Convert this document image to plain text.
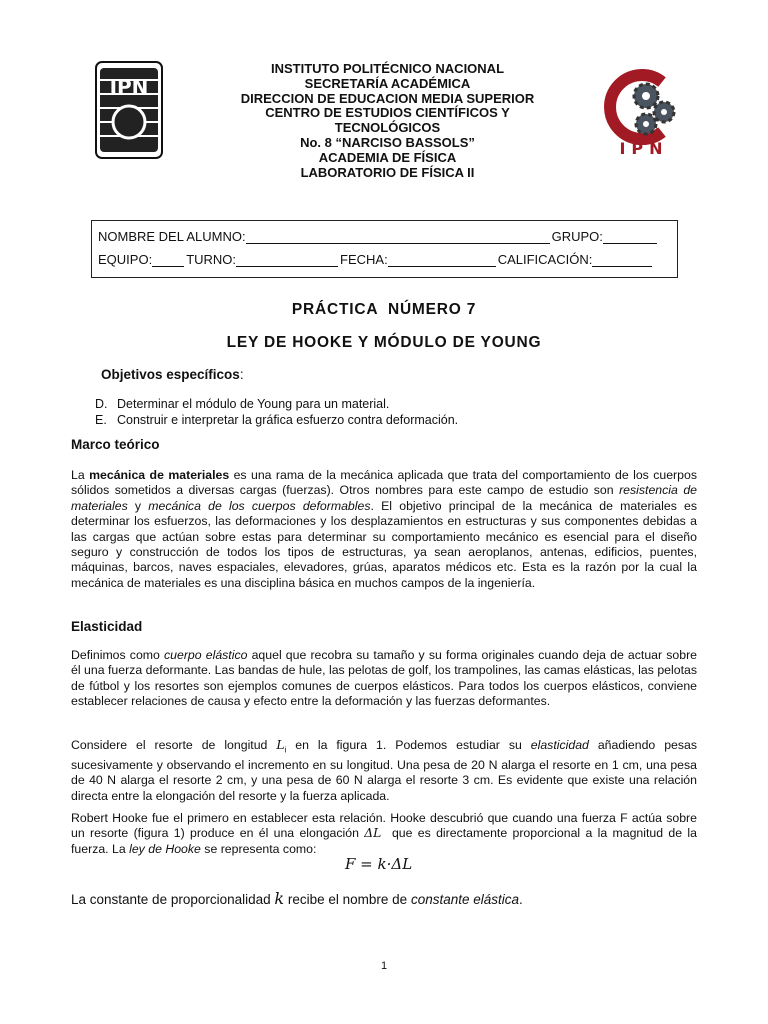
IPN
INSTITUTO POLITÉCNICO NACIONAL
SECRETARÍA ACADÉMICA
DIRECCION DE EDUCACION MEDIA SUPERIOR
CENTRO DE ESTUDIOS CIENTÍFICOS Y
TECNOLÓGICOS
No. 8 “NARCISO BASSOLS”
ACADEMIA DE FÍSICA
LABORATORIO DE FÍSICA II
IPN
NOMBRE DEL ALUMNO:	GRUPO:
EQUIPO:	TURNO:	FECHA:	CALIFICACIÓN:
PRÁCTICA  NÚMERO 7
LEY DE HOOKE Y MÓDULO DE YOUNG
Objetivos específicos:
D. Determinar el módulo de Young para un material.
E. Construir e interpretar la gráfica esfuerzo contra deformación.
Marco teórico
La mecánica de materiales es una rama de la mecánica aplicada que trata del comportamiento de los cuerpos sólidos sometidos a diversas cargas (fuerzas). Otros nombres para este campo de estudio son resistencia de materiales y mecánica de los cuerpos deformables. El objetivo principal de la mecánica de materiales es determinar los esfuerzos, las deformaciones y los desplazamientos en estructuras y sus componentes debidas a las cargas que actúan sobre estas para determinar su comportamiento mecánico es esencial para el diseño seguro y construcción de todos los tipos de estructuras, ya sean aeroplanos, antenas, edificios, puentes, máquinas, barcos, naves espaciales, elevadores, grúas, aparatos médicos etc. Esta es la razón por la cual la mecánica de materiales es una disciplina básica en muchos campos de la ingeniería.
Elasticidad
Definimos como cuerpo elástico aquel que recobra su tamaño y su forma originales cuando deja de actuar sobre él una fuerza deformante. Las bandas de hule, las pelotas de golf, los trampolines, las camas elásticas, las pelotas de fútbol y los resortes son ejemplos comunes de cuerpos elásticos. Para todos los cuerpos elásticos, conviene establecer relaciones de causa y efecto entre la deformación y las fuerzas deformantes.
Considere el resorte de longitud $L_i$ en la figura 1. Podemos estudiar su elasticidad añadiendo pesas sucesivamente y observando el incremento en su longitud. Una pesa de 20 N alarga el resorte en 1 cm, una pesa de 40 N alarga el resorte 2 cm, y una pesa de 60 N alarga el resorte 3 cm. Es evidente que existe una relación directa entre la elongación del resorte y la fuerza aplicada.
Robert Hooke fue el primero en establecer esta relación. Hooke descubrió que cuando una fuerza F actúa sobre un resorte (figura 1) produce en él una elongación ΔL  que es directamente proporcional a la magnitud de la fuerza. La ley de Hooke se representa como:
F = k·ΔL
La constante de proporcionalidad k recibe el nombre de constante elástica.
1
